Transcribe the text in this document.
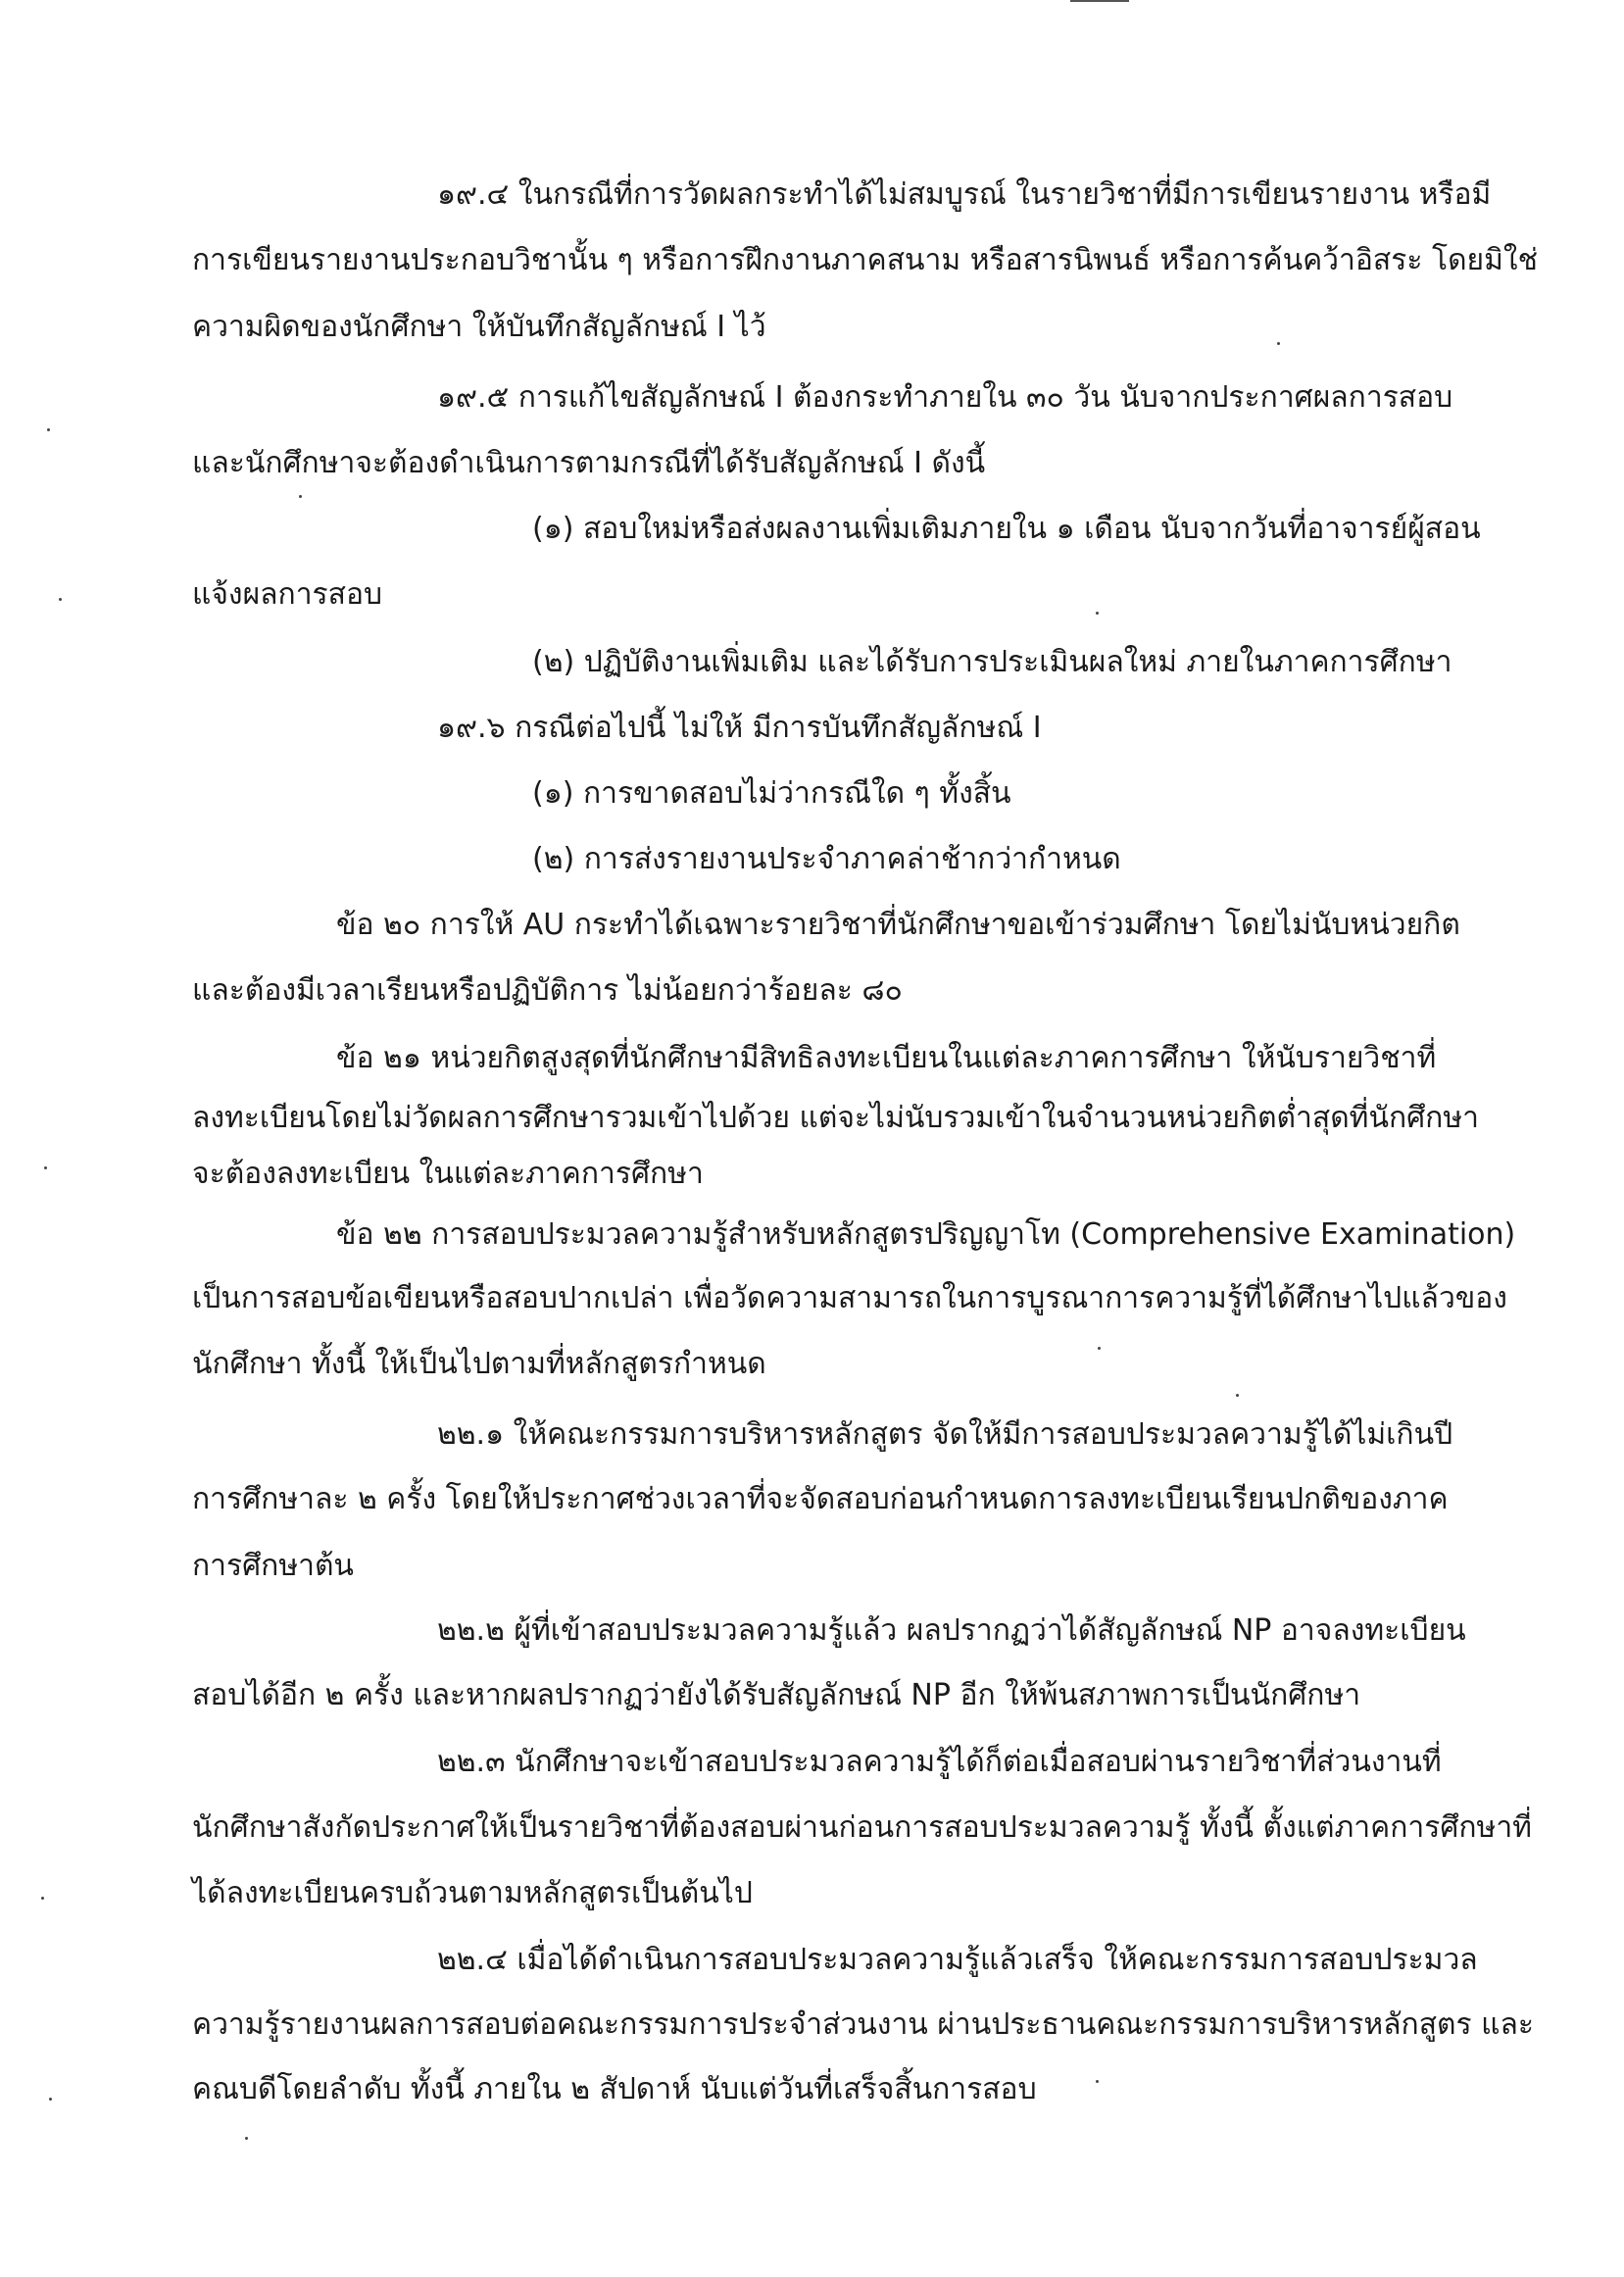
๑๙.๔ ในกรณีที่การวัดผลกระทำได้ไม่สมบูรณ์ ในรายวิชาที่มีการเขียนรายงาน หรือมี
การเขียนรายงานประกอบวิชานั้น ๆ หรือการฝึกงานภาคสนาม หรือสารนิพนธ์ หรือการค้นคว้าอิสระ โดยมิใช่
ความผิดของนักศึกษา ให้บันทึกสัญลักษณ์ I ไว้
๑๙.๕ การแก้ไขสัญลักษณ์ I ต้องกระทำภายใน ๓๐ วัน นับจากประกาศผลการสอบ
และนักศึกษาจะต้องดำเนินการตามกรณีที่ได้รับสัญลักษณ์ I ดังนี้
(๑) สอบใหม่หรือส่งผลงานเพิ่มเติมภายใน ๑ เดือน นับจากวันที่อาจารย์ผู้สอน
แจ้งผลการสอบ
(๒) ปฏิบัติงานเพิ่มเติม และได้รับการประเมินผลใหม่ ภายในภาคการศึกษา
๑๙.๖ กรณีต่อไปนี้ ไม่ให้ มีการบันทึกสัญลักษณ์ I
(๑) การขาดสอบไม่ว่ากรณีใด ๆ ทั้งสิ้น
(๒) การส่งรายงานประจำภาคล่าช้ากว่ากำหนด
ข้อ ๒๐ การให้ AU กระทำได้เฉพาะรายวิชาที่นักศึกษาขอเข้าร่วมศึกษา โดยไม่นับหน่วยกิต
และต้องมีเวลาเรียนหรือปฏิบัติการ ไม่น้อยกว่าร้อยละ ๘๐
ข้อ ๒๑ หน่วยกิตสูงสุดที่นักศึกษามีสิทธิลงทะเบียนในแต่ละภาคการศึกษา ให้นับรายวิชาที่
ลงทะเบียนโดยไม่วัดผลการศึกษารวมเข้าไปด้วย แต่จะไม่นับรวมเข้าในจำนวนหน่วยกิตต่ำสุดที่นักศึกษา
จะต้องลงทะเบียน ในแต่ละภาคการศึกษา
ข้อ ๒๒ การสอบประมวลความรู้สำหรับหลักสูตรปริญญาโท (Comprehensive Examination)
เป็นการสอบข้อเขียนหรือสอบปากเปล่า เพื่อวัดความสามารถในการบูรณาการความรู้ที่ได้ศึกษาไปแล้วของ
นักศึกษา ทั้งนี้ ให้เป็นไปตามที่หลักสูตรกำหนด
๒๒.๑ ให้คณะกรรมการบริหารหลักสูตร จัดให้มีการสอบประมวลความรู้ได้ไม่เกินปี
การศึกษาละ ๒ ครั้ง โดยให้ประกาศช่วงเวลาที่จะจัดสอบก่อนกำหนดการลงทะเบียนเรียนปกติของภาค
การศึกษาต้น
๒๒.๒ ผู้ที่เข้าสอบประมวลความรู้แล้ว ผลปรากฏว่าได้สัญลักษณ์ NP อาจลงทะเบียน
สอบได้อีก ๒ ครั้ง และหากผลปรากฏว่ายังได้รับสัญลักษณ์ NP อีก ให้พ้นสภาพการเป็นนักศึกษา
๒๒.๓ นักศึกษาจะเข้าสอบประมวลความรู้ได้ก็ต่อเมื่อสอบผ่านรายวิชาที่ส่วนงานที่
นักศึกษาสังกัดประกาศให้เป็นรายวิชาที่ต้องสอบผ่านก่อนการสอบประมวลความรู้ ทั้งนี้ ตั้งแต่ภาคการศึกษาที่
ได้ลงทะเบียนครบถ้วนตามหลักสูตรเป็นต้นไป
๒๒.๔ เมื่อได้ดำเนินการสอบประมวลความรู้แล้วเสร็จ ให้คณะกรรมการสอบประมวล
ความรู้รายงานผลการสอบต่อคณะกรรมการประจำส่วนงาน ผ่านประธานคณะกรรมการบริหารหลักสูตร และ
คณบดีโดยลำดับ ทั้งนี้ ภายใน ๒ สัปดาห์ นับแต่วันที่เสร็จสิ้นการสอบ
